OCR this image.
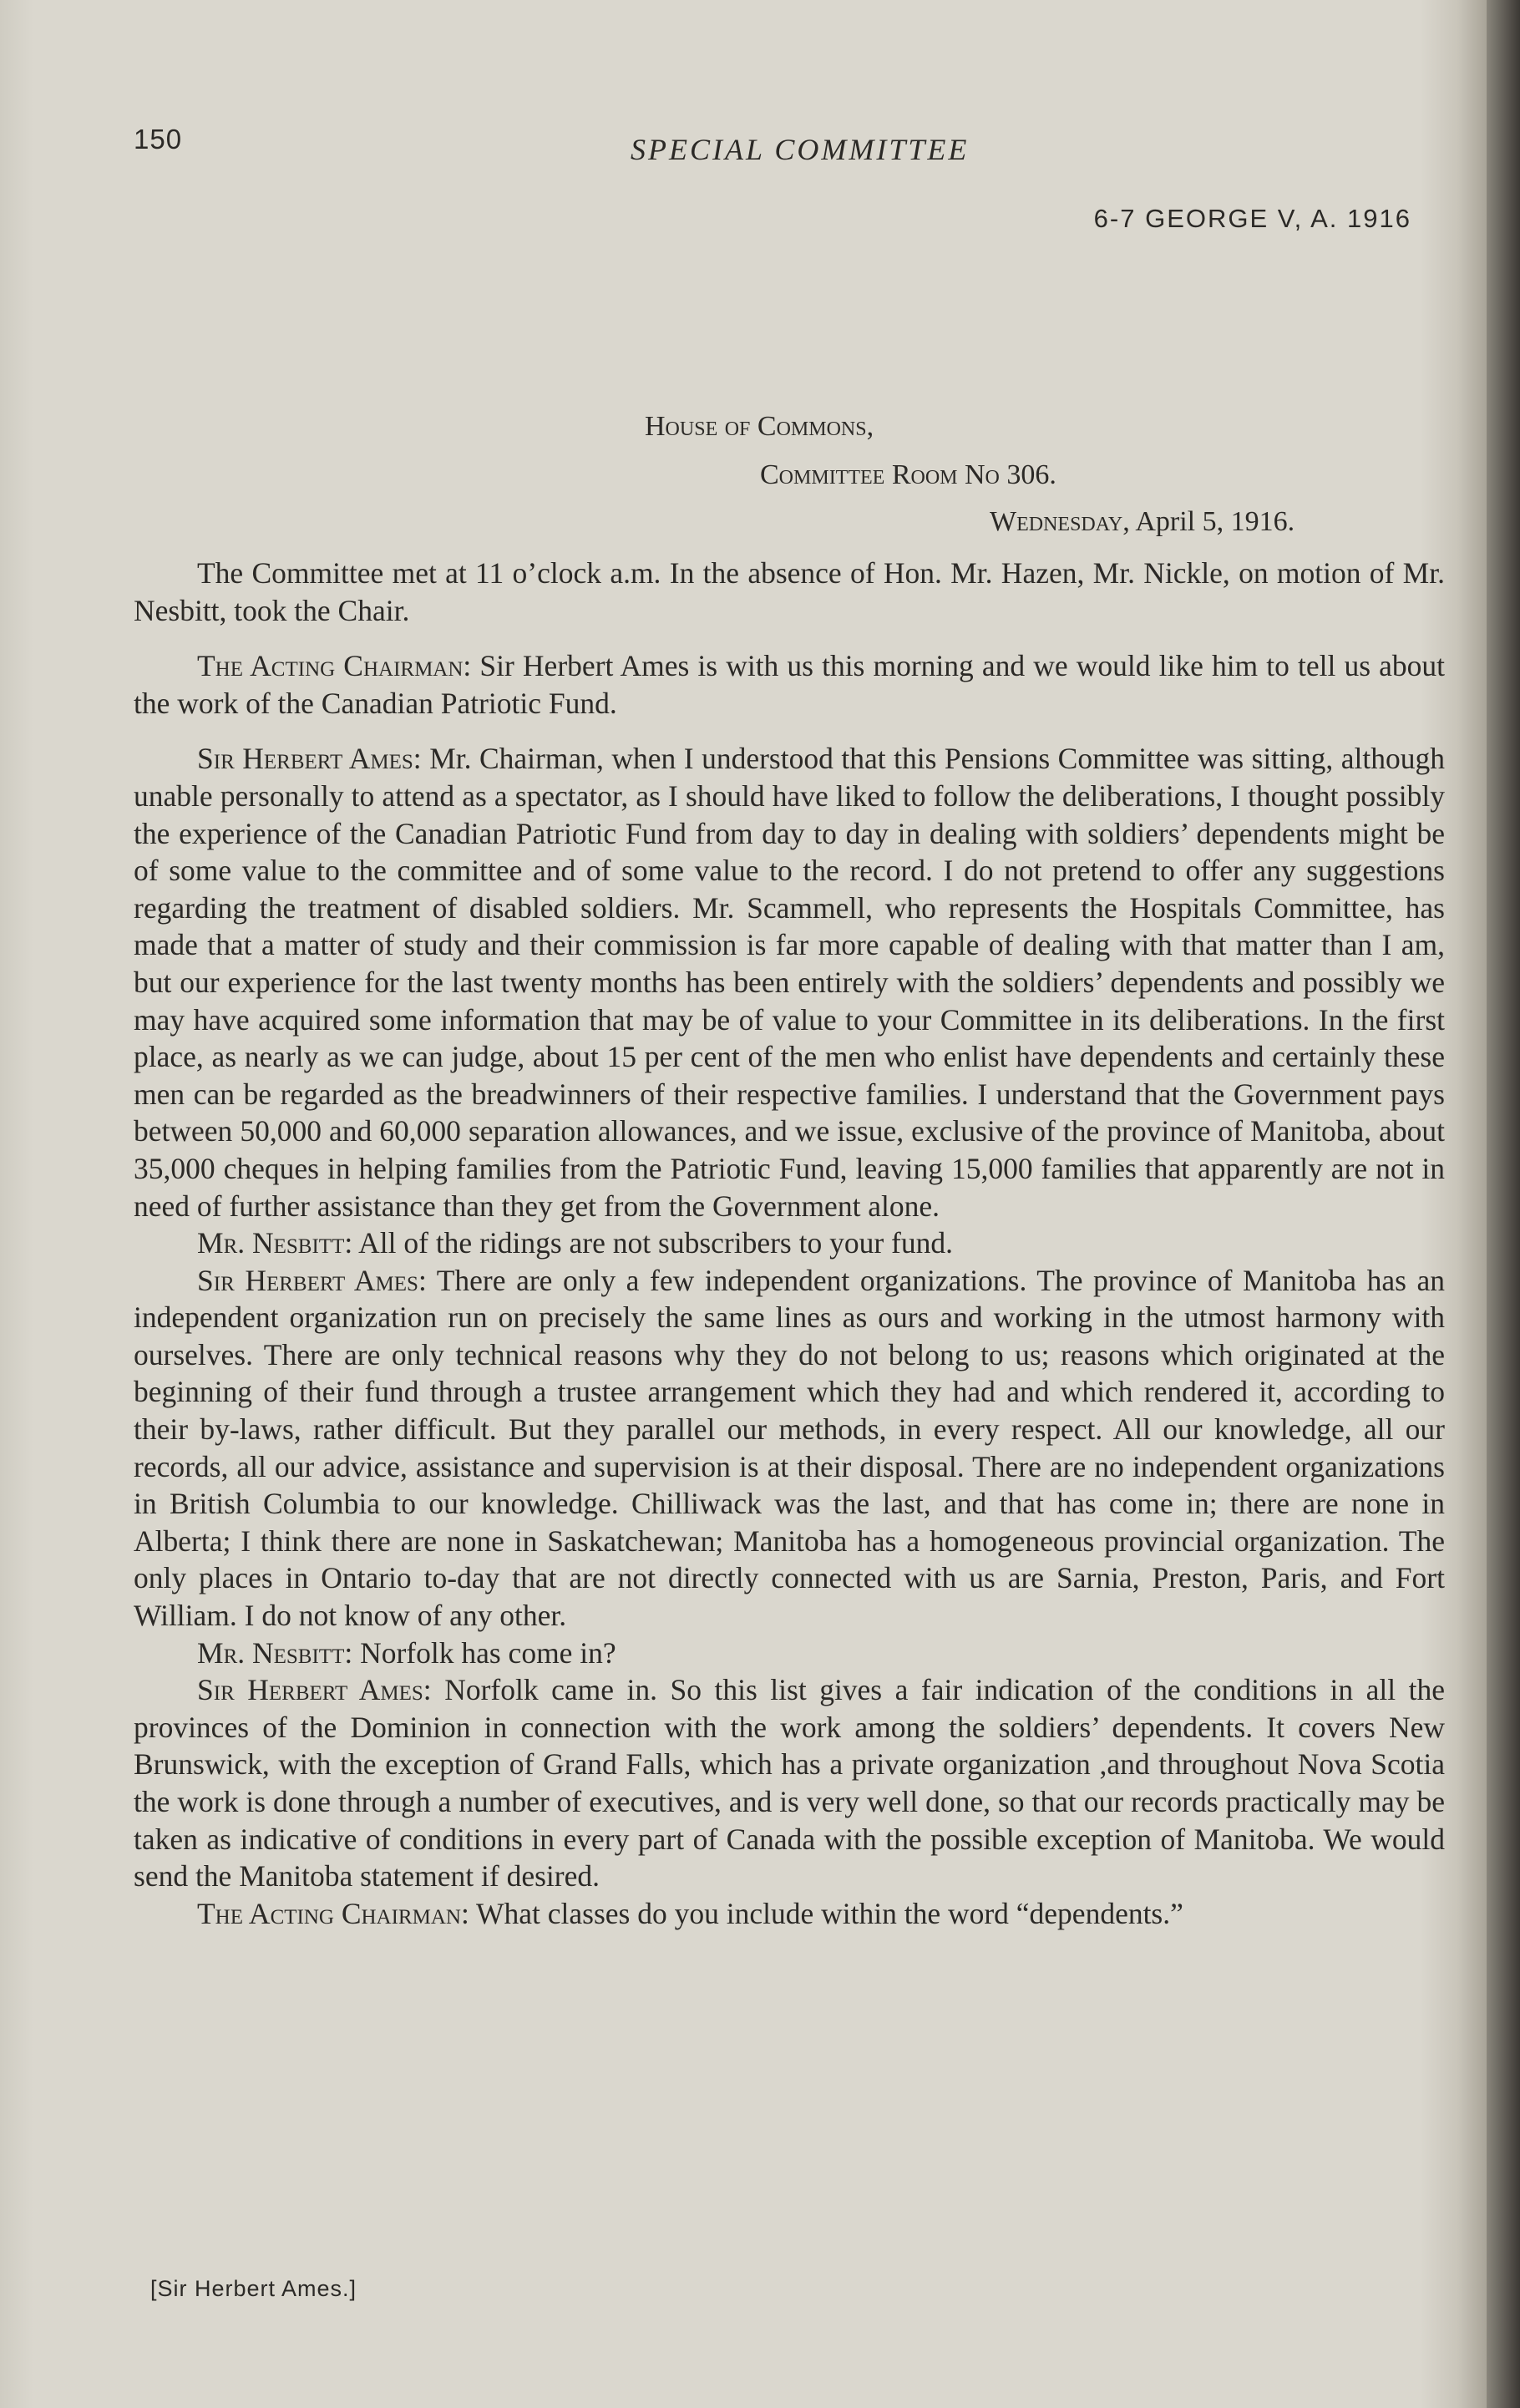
150	SPECIAL COMMITTEE
6-7 GEORGE V, A. 1916
House of Commons,
Committee Room No 306.
Wednesday, April 5, 1916.

The Committee met at 11 o’clock a.m. In the absence of Hon. Mr. Hazen, Mr. Nickle, on motion of Mr. Nesbitt, took the Chair.

The Acting Chairman: Sir Herbert Ames is with us this morning and we would like him to tell us about the work of the Canadian Patriotic Fund.

Sir Herbert Ames: Mr. Chairman, when I understood that this Pensions Committee was sitting, although unable personally to attend as a spectator, as I should have liked to follow the deliberations, I thought possibly the experience of the Canadian Patriotic Fund from day to day in dealing with soldiers’ dependents might be of some value to the committee and of some value to the record. I do not pretend to offer any suggestions regarding the treatment of disabled soldiers. Mr. Scammell, who represents the Hospitals Committee, has made that a matter of study and their commission is far more capable of dealing with that matter than I am, but our experience for the last twenty months has been entirely with the soldiers’ dependents and possibly we may have acquired some information that may be of value to your Committee in its deliberations. In the first place, as nearly as we can judge, about 15 per cent of the men who enlist have dependents and certainly these men can be regarded as the breadwinners of their respective families. I understand that the Government pays between 50,000 and 60,000 separation allowances, and we issue, exclusive of the province of Manitoba, about 35,000 cheques in helping families from the Patriotic Fund, leaving 15,000 families that apparently are not in need of further assistance than they get from the Government alone.

Mr. Nesbitt: All of the ridings are not subscribers to your fund.

Sir Herbert Ames: There are only a few independent organizations. The province of Manitoba has an independent organization run on precisely the same lines as ours and working in the utmost harmony with ourselves. There are only technical reasons why they do not belong to us; reasons which originated at the beginning of their fund through a trustee arrangement which they had and which rendered it, according to their by-laws, rather difficult. But they parallel our methods, in every respect. All our knowledge, all our records, all our advice, assistance and supervision is at their disposal. There are no independent organizations in British Columbia to our knowledge. Chilliwack was the last, and that has come in; there are none in Alberta; I think there are none in Saskatchewan; Manitoba has a homogeneous provincial organization. The only places in Ontario to-day that are not directly connected with us are Sarnia, Preston, Paris, and Fort William. I do not know of any other.

Mr. Nesbitt: Norfolk has come in?

Sir Herbert Ames: Norfolk came in. So this list gives a fair indication of the conditions in all the provinces of the Dominion in connection with the work among the soldiers’ dependents. It covers New Brunswick, with the exception of Grand Falls, which has a private organization ,and throughout Nova Scotia the work is done through a number of executives, and is very well done, so that our records practically may be taken as indicative of conditions in every part of Canada with the possible exception of Manitoba. We would send the Manitoba statement if desired.

The Acting Chairman: What classes do you include within the word “dependents.”

[Sir Herbert Ames.]
